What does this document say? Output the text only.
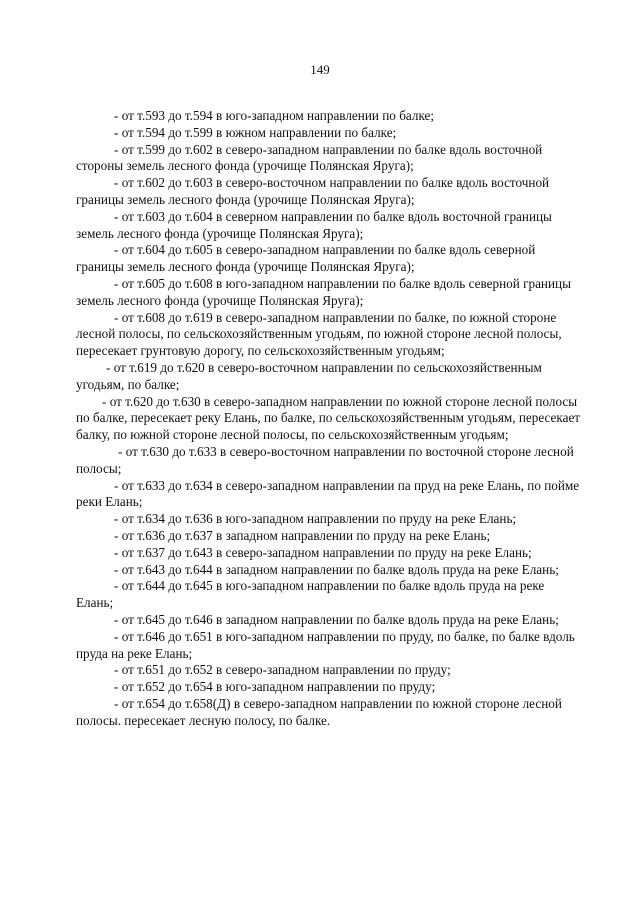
149

- от т.593 до т.594 в юго-западном направлении по балке;

- от т.594 до т.599 в южном направлении по балке;

- от т.599 до т.602 в северо-западном направлении по балке вдоль восточной стороны земель лесного фонда (урочище Полянская Яруга);

- от т.602 до т.603 в северо-восточном направлении по балке вдоль восточной границы земель лесного фонда (урочище Полянская Яруга);

- от т.603 до т.604 в северном направлении по балке вдоль восточной границы земель лесного фонда (урочище Полянская Яруга);

- от т.604 до т.605 в северо-западном направлении по балке вдоль северной границы земель лесного фонда (урочище Полянская Яруга);

- от т.605 до т.608 в юго-западном направлении по балке вдоль северной границы земель лесного фонда (урочище Полянская Яруга);

- от т.608 до т.619 в северо-западном направлении по балке, по южной стороне лесной полосы, по сельскохозяйственным угодьям, по южной стороне лесной полосы, пересекает грунтовую дорогу, по сельскохозяйственным угодьям;

- от т.619 до т.620 в северо-восточном направлении по сельскохозяйственным угодьям, по балке;

- от т.620 до т.630 в северо-западном направлении по южной стороне лесной полосы по балке, пересекает реку Елань, по балке, по сельскохозяйственным угодьям, пересекает балку, по южной стороне лесной полосы, по сельскохозяйственным угодьям;

- от т.630 до т.633 в северо-восточном направлении по восточной стороне лесной полосы;

- от т.633 до т.634 в северо-западном направлении па пруд на реке Елань, по пойме реки Елань;

- от т.634 до т.636 в юго-западном направлении по пруду на реке Елань;

- от т.636 до т.637 в западном направлении по пруду на реке Елань;

- от т.637 до т.643 в северо-западном направлении по пруду на реке Елань;

- от т.643 до т.644 в западном направлении по балке вдоль пруда на реке Елань;

- от т.644 до т.645 в юго-западном направлении по балке вдоль пруда на реке Елань;

- от т.645 до т.646 в западном направлении по балке вдоль пруда на реке Елань;

- от т.646 до т.651 в юго-западном направлении по пруду, по балке, по балке вдоль пруда на реке Елань;

- от т.651 до т.652 в северо-западном направлении по пруду;

- от т.652 до т.654 в юго-западном направлении по пруду;

- от т.654 до т.658(Д) в северо-западном направлении по южной стороне лесной полосы. пересекает лесную полосу, по балке.
